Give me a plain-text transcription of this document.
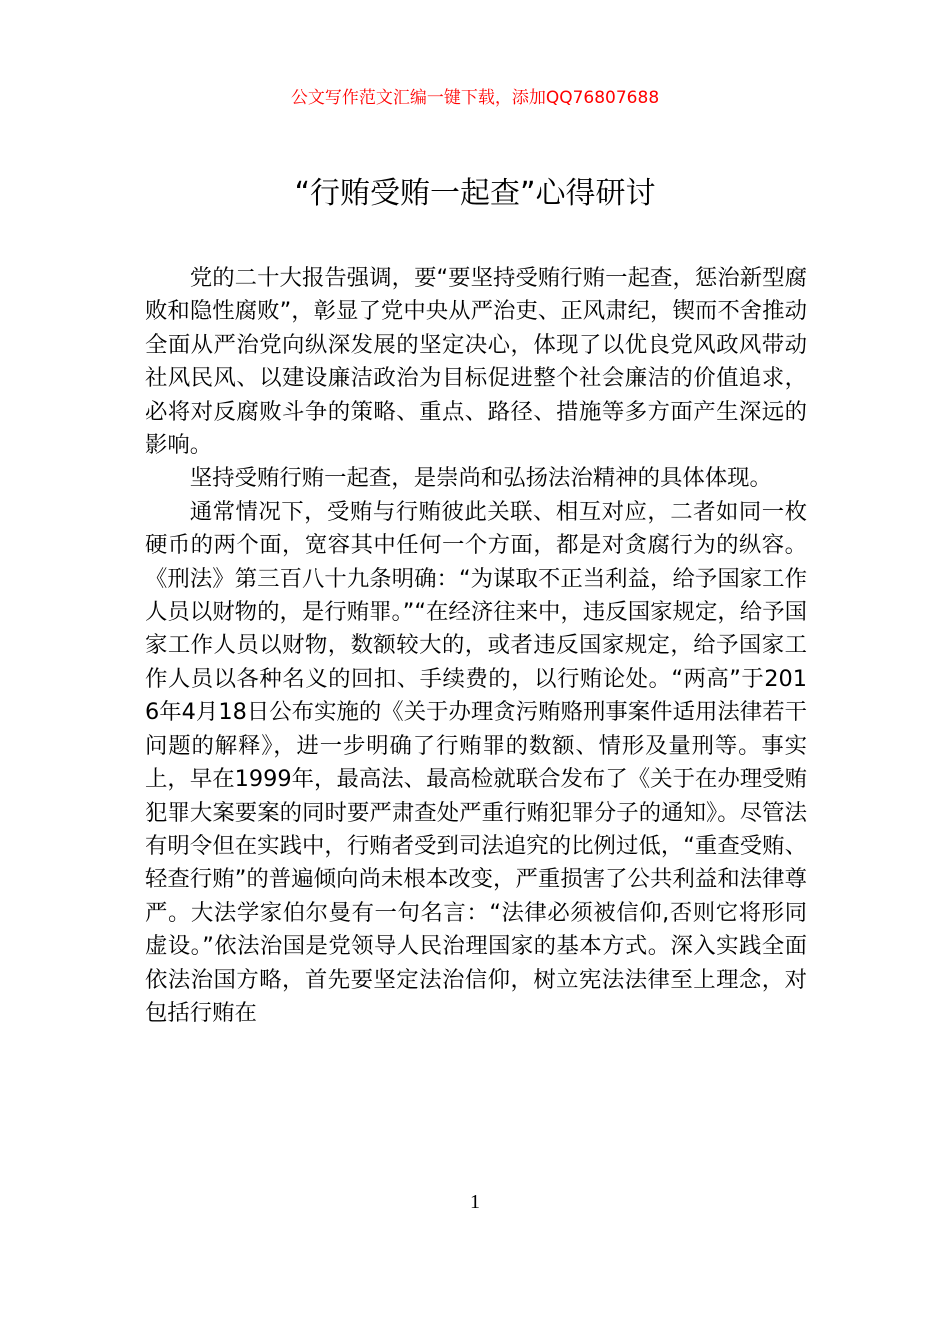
公文写作范文汇编一键下载，添加QQ76807688
“行贿受贿一起查”心得研讨

党的二十大报告强调，要“要坚持受贿行贿一起查，惩治新型腐败和隐性腐败”，彰显了党中央从严治吏、正风肃纪，锲而不舍推动全面从严治党向纵深发展的坚定决心，体现了以优良党风政风带动社风民风、以建设廉洁政治为目标促进整个社会廉洁的价值追求，必将对反腐败斗争的策略、重点、路径、措施等多方面产生深远的影响。

坚持受贿行贿一起查，是崇尚和弘扬法治精神的具体体现。

通常情况下，受贿与行贿彼此关联、相互对应，二者如同一枚硬币的两个面，宽容其中任何一个方面，都是对贪腐行为的纵容。《刑法》第三百八十九条明确：“为谋取不正当利益，给予国家工作人员以财物的，是行贿罪。”“在经济往来中，违反国家规定，给予国家工作人员以财物，数额较大的，或者违反国家规定，给予国家工作人员以各种名义的回扣、手续费的，以行贿论处。“两高”于2016年4月18日公布实施的《关于办理贪污贿赂刑事案件适用法律若干问题的解释》，进一步明确了行贿罪的数额、情形及量刑等。事实上，早在1999年，最高法、最高检就联合发布了《关于在办理受贿犯罪大案要案的同时要严肃查处严重行贿犯罪分子的通知》。尽管法有明令但在实践中，行贿者受到司法追究的比例过低，“重查受贿、轻查行贿”的普遍倾向尚未根本改变，严重损害了公共利益和法律尊严。大法学家伯尔曼有一句名言：“法律必须被信仰,否则它将形同虚设。”依法治国是党领导人民治理国家的基本方式。深入实践全面依法治国方略，首先要坚定法治信仰，树立宪法法律至上理念，对包括行贿在

1
